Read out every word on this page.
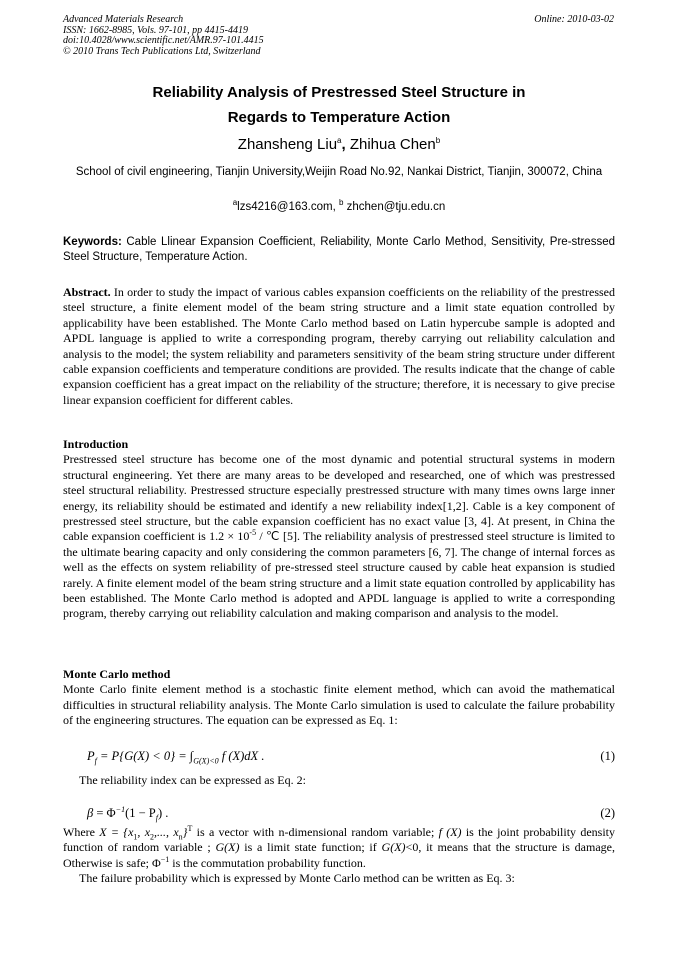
Advanced Materials Research
ISSN: 1662-8985, Vols. 97-101, pp 4415-4419
doi:10.4028/www.scientific.net/AMR.97-101.4415
© 2010 Trans Tech Publications Ltd, Switzerland
Online: 2010-03-02
Reliability Analysis of Prestressed Steel Structure in
Regards to Temperature Action
Zhansheng Liu$^a$, Zhihua Chen$^b$
School of civil engineering, Tianjin University,Weijin Road No.92, Nankai District, Tianjin, 300072, China
$^a$lzs4216@163.com, $^b$ zhchen@tju.edu.cn
Keywords: Cable Llinear Expansion Coefficient, Reliability, Monte Carlo Method, Sensitivity, Pre-stressed Steel Structure, Temperature Action.
Abstract. In order to study the impact of various cables expansion coefficients on the reliability of the prestressed steel structure, a finite element model of the beam string structure and a limit state equation controlled by applicability have been established. The Monte Carlo method based on Latin hypercube sample is adopted and APDL language is applied to write a corresponding program, thereby carrying out reliability calculation and analysis to the model; the system reliability and parameters sensitivity of the beam string structure under different cable expansion coefficients and temperature conditions are provided. The results indicate that the change of cable expansion coefficient has a great impact on the reliability of the structure; therefore, it is necessary to give precise linear expansion coefficient for different cables.
Introduction
Prestressed steel structure has become one of the most dynamic and potential structural systems in modern structural engineering. Yet there are many areas to be developed and researched, one of which was prestressed steel structural reliability. Prestressed structure especially prestressed structure with many times owns large inner energy, its reliability should be estimated and identify a new reliability index[1,2]. Cable is a key component of prestressed steel structure, but the cable expansion coefficient has no exact value [3, 4]. At present, in China the cable expansion coefficient is $1.2 \times 10^{-5}$ / ℃ [5]. The reliability analysis of prestressed steel structure is limited to the ultimate bearing capacity and only considering the common parameters [6, 7]. The change of internal forces as well as the effects on system reliability of pre-stressed steel structure caused by cable heat expansion is studied rarely. A finite element model of the beam string structure and a limit state equation controlled by applicability has been established. The Monte Carlo method is adopted and APDL language is applied to write a corresponding program, thereby carrying out reliability calculation and making comparison and analysis to the model.
Monte Carlo method
Monte Carlo finite element method is a stochastic finite element method, which can avoid the mathematical difficulties in structural reliability analysis. The Monte Carlo simulation is used to calculate the failure probability of the engineering structures. The equation can be expressed as Eq. 1:
$P_f = P\{G(X) < 0\} = \int_{G(X)<0}$ f (X)dX .	(1)
The reliability index can be expressed as Eq. 2:
$\beta = \Phi^{-1}(1 - P_f)$ .	(2)
Where $X = \{x_1$, $x_2$,..., $x_n\}^T$ is a vector with n-dimensional random variable; f (X) is the joint probability density function of random variable ; G(X) is a limit state function; if G(X)<0, it means that the structure is damage, Otherwise is safe; $\Phi^{-1}$ is the commutation probability function.
The failure probability which is expressed by Monte Carlo method can be written as Eq. 3:
